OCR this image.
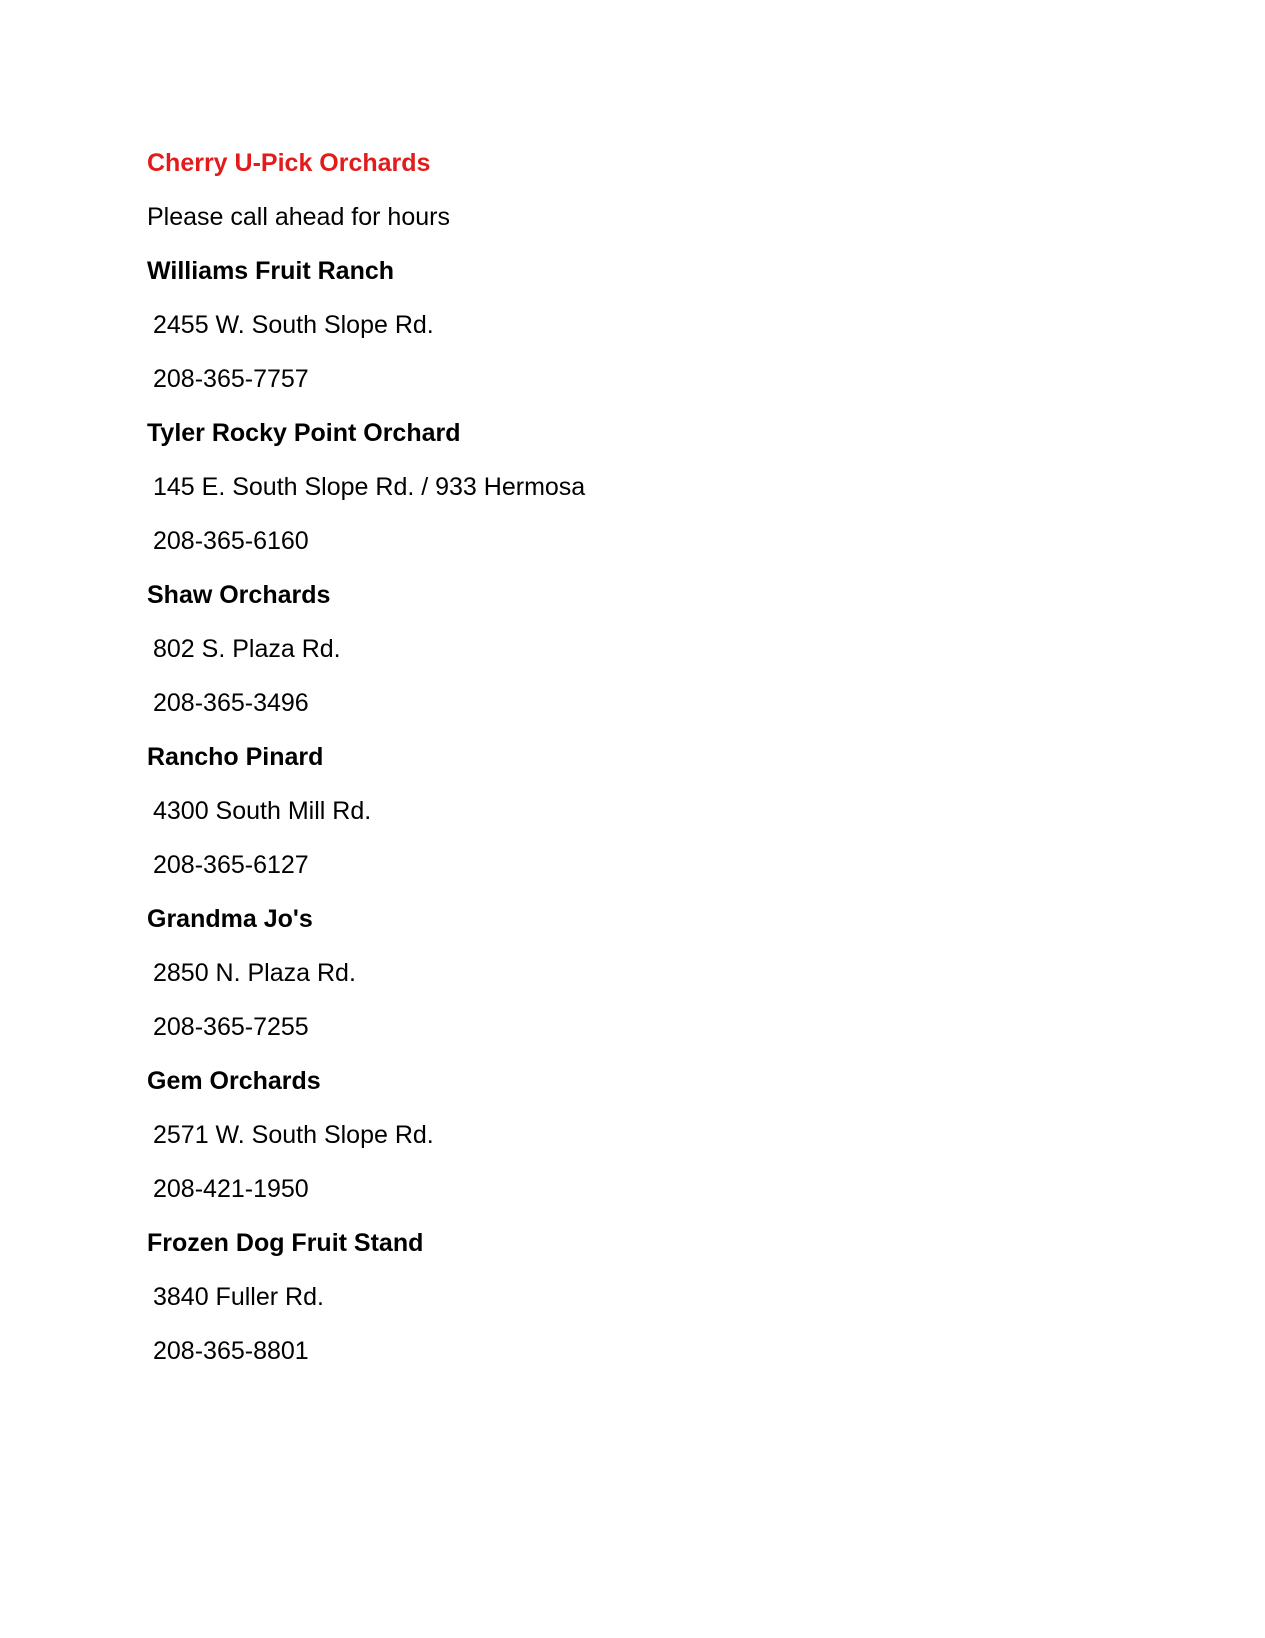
Cherry U-Pick Orchards
Please call ahead for hours
Williams Fruit Ranch
2455 W. South Slope Rd.
208-365-7757
Tyler Rocky Point Orchard
145 E. South Slope Rd. / 933 Hermosa
208-365-6160
Shaw Orchards
802 S. Plaza Rd.
208-365-3496
Rancho Pinard
4300 South Mill Rd.
208-365-6127
Grandma Jo's
2850 N. Plaza Rd.
208-365-7255
Gem Orchards
2571 W. South Slope Rd.
208-421-1950
Frozen Dog Fruit Stand
3840 Fuller Rd.
208-365-8801
